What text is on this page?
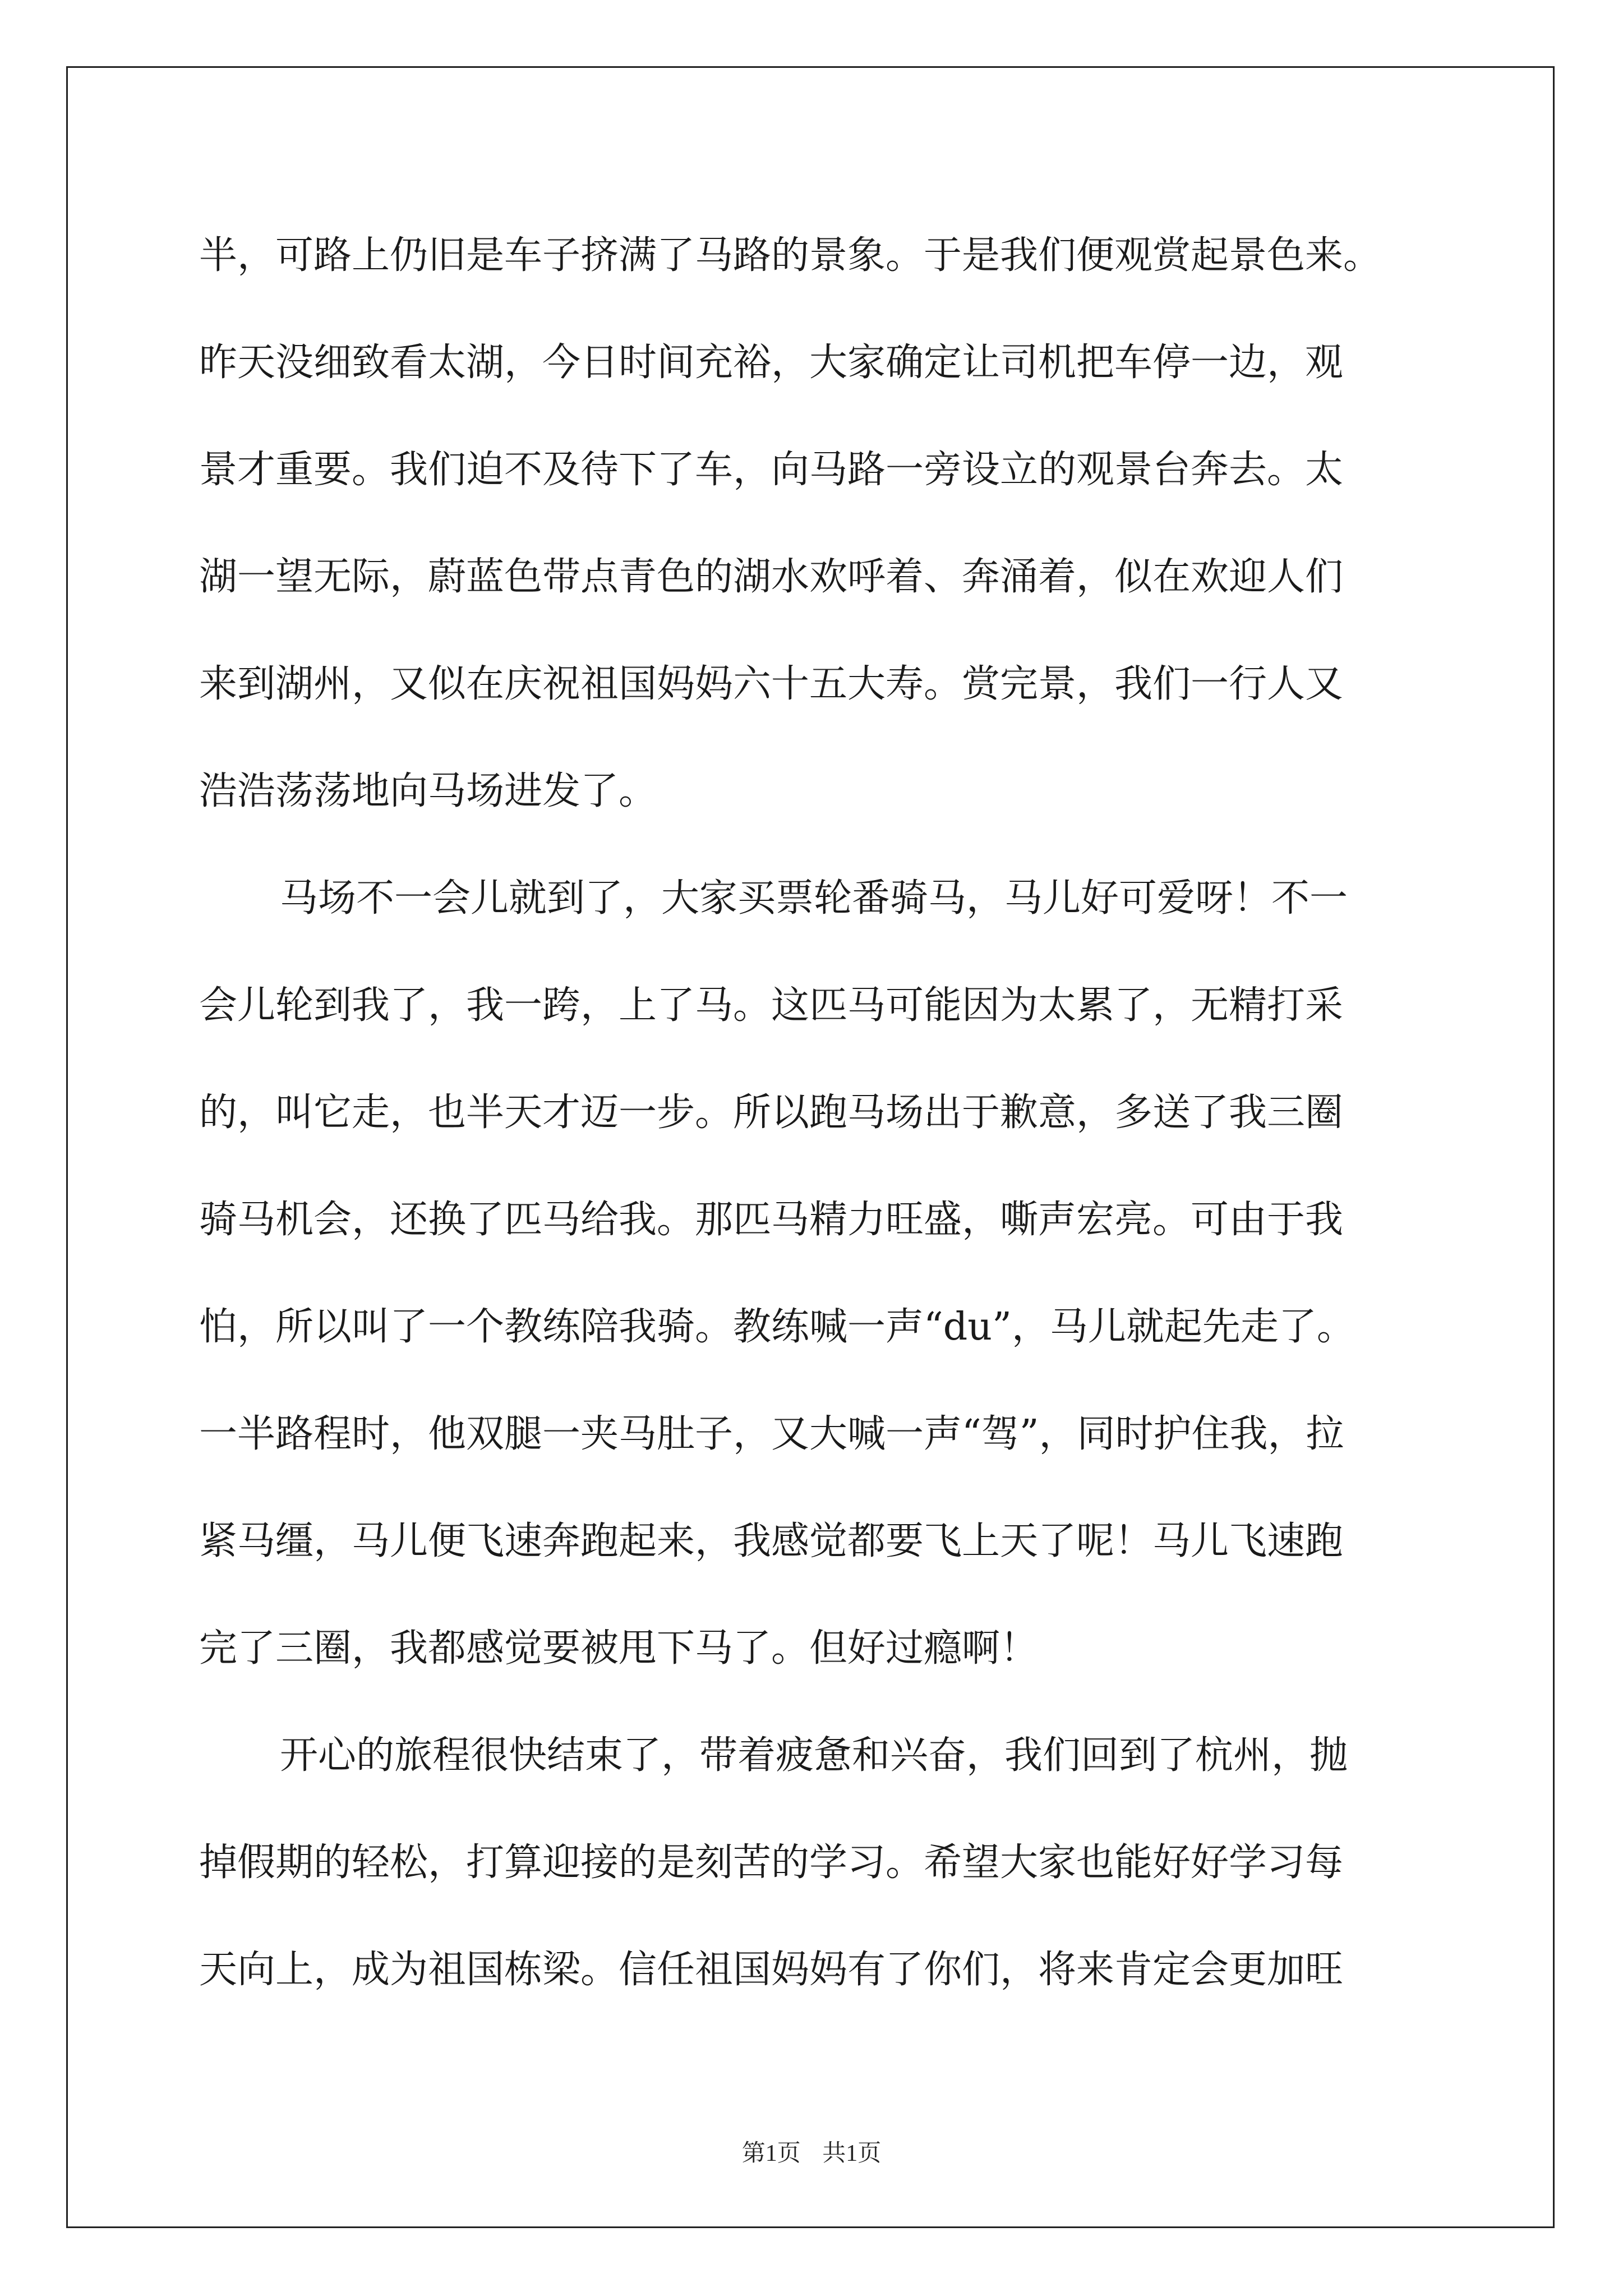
半，可路上仍旧是车子挤满了马路的景象。于是我们便观赏起景色来。
昨天没细致看太湖，今日时间充裕，大家确定让司机把车停一边，观
景才重要。我们迫不及待下了车，向马路一旁设立的观景台奔去。太
湖一望无际，蔚蓝色带点青色的湖水欢呼着、奔涌着，似在欢迎人们
来到湖州，又似在庆祝祖国妈妈六十五大寿。赏完景，我们一行人又
浩浩荡荡地向马场进发了。
马场不一会儿就到了，大家买票轮番骑马，马儿好可爱呀！不一
会儿轮到我了，我一跨，上了马。这匹马可能因为太累了，无精打采
的，叫它走，也半天才迈一步。所以跑马场出于歉意，多送了我三圈
骑马机会，还换了匹马给我。那匹马精力旺盛，嘶声宏亮。可由于我
怕，所以叫了一个教练陪我骑。教练喊一声“du”，马儿就起先走了。
一半路程时，他双腿一夹马肚子，又大喊一声“驾”，同时护住我，拉
紧马缰，马儿便飞速奔跑起来，我感觉都要飞上天了呢！马儿飞速跑
完了三圈，我都感觉要被甩下马了。但好过瘾啊！
开心的旅程很快结束了，带着疲惫和兴奋，我们回到了杭州，抛
掉假期的轻松，打算迎接的是刻苦的学习。希望大家也能好好学习每
天向上，成为祖国栋梁。信任祖国妈妈有了你们，将来肯定会更加旺
第1页 共1页
